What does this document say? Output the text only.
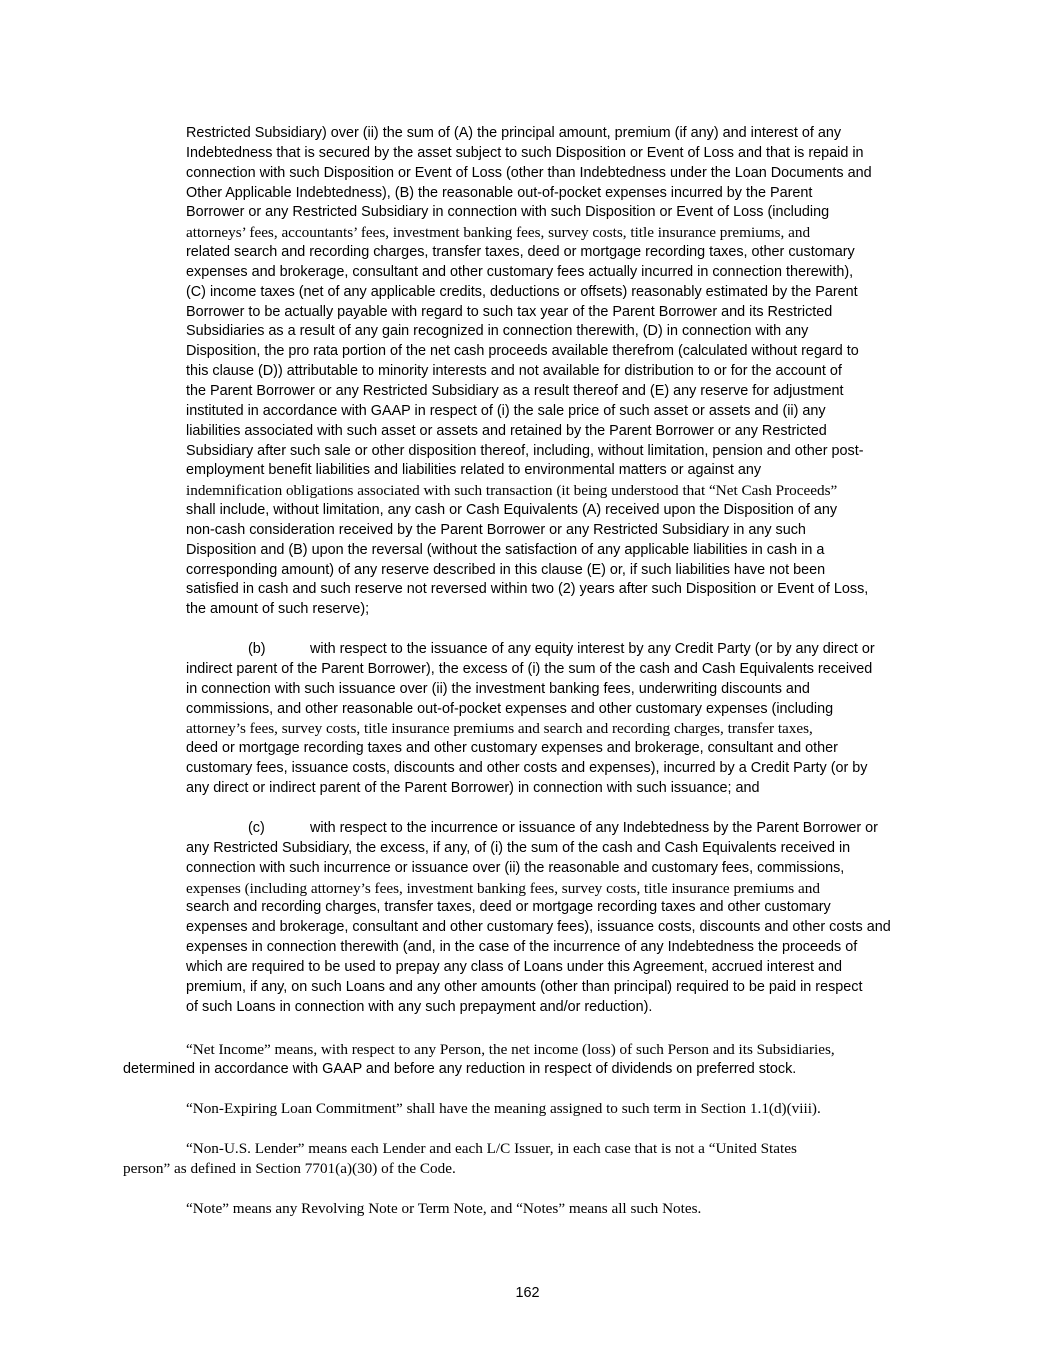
Restricted Subsidiary) over (ii) the sum of (A) the principal amount, premium (if any) and interest of any
Indebtedness that is secured by the asset subject to such Disposition or Event of Loss and that is repaid in
connection with such Disposition or Event of Loss (other than Indebtedness under the Loan Documents and
Other Applicable Indebtedness), (B) the reasonable out-of-pocket expenses incurred by the Parent
Borrower or any Restricted Subsidiary in connection with such Disposition or Event of Loss (including
attorneys’ fees, accountants’ fees, investment banking fees, survey costs, title insurance premiums, and
related search and recording charges, transfer taxes, deed or mortgage recording taxes, other customary
expenses and brokerage, consultant and other customary fees actually incurred in connection therewith),
(C) income taxes (net of any applicable credits, deductions or offsets) reasonably estimated by the Parent
Borrower to be actually payable with regard to such tax year of the Parent Borrower and its Restricted
Subsidiaries as a result of any gain recognized in connection therewith, (D) in connection with any
Disposition, the pro rata portion of the net cash proceeds available therefrom (calculated without regard to
this clause (D)) attributable to minority interests and not available for distribution to or for the account of
the Parent Borrower or any Restricted Subsidiary as a result thereof and (E) any reserve for adjustment
instituted in accordance with GAAP in respect of (i) the sale price of such asset or assets and (ii) any
liabilities associated with such asset or assets and retained by the Parent Borrower or any Restricted
Subsidiary after such sale or other disposition thereof, including, without limitation, pension and other post-
employment benefit liabilities and liabilities related to environmental matters or against any
indemnification obligations associated with such transaction (it being understood that “Net Cash Proceeds”
shall include, without limitation, any cash or Cash Equivalents (A) received upon the Disposition of any
non-cash consideration received by the Parent Borrower or any Restricted Subsidiary in any such
Disposition and (B) upon the reversal (without the satisfaction of any applicable liabilities in cash in a
corresponding amount) of any reserve described in this clause (E) or, if such liabilities have not been
satisfied in cash and such reserve not reversed within two (2) years after such Disposition or Event of Loss,
the amount of such reserve);
(b)	with respect to the issuance of any equity interest by any Credit Party (or by any direct or
indirect parent of the Parent Borrower), the excess of (i) the sum of the cash and Cash Equivalents received
in connection with such issuance over (ii) the investment banking fees, underwriting discounts and
commissions, and other reasonable out-of-pocket expenses and other customary expenses (including
attorney’s fees, survey costs, title insurance premiums and search and recording charges, transfer taxes,
deed or mortgage recording taxes and other customary expenses and brokerage, consultant and other
customary fees, issuance costs, discounts and other costs and expenses), incurred by a Credit Party (or by
any direct or indirect parent of the Parent Borrower) in connection with such issuance; and
(c)	with respect to the incurrence or issuance of any Indebtedness by the Parent Borrower or
any Restricted Subsidiary, the excess, if any, of (i) the sum of the cash and Cash Equivalents received in
connection with such incurrence or issuance over (ii) the reasonable and customary fees, commissions,
expenses (including attorney’s fees, investment banking fees, survey costs, title insurance premiums and
search and recording charges, transfer taxes, deed or mortgage recording taxes and other customary
expenses and brokerage, consultant and other customary fees), issuance costs, discounts and other costs and
expenses in connection therewith (and, in the case of the incurrence of any Indebtedness the proceeds of
which are required to be used to prepay any class of Loans under this Agreement, accrued interest and
premium, if any, on such Loans and any other amounts (other than principal) required to be paid in respect
of such Loans in connection with any such prepayment and/or reduction).
“Net Income” means, with respect to any Person, the net income (loss) of such Person and its Subsidiaries,
determined in accordance with GAAP and before any reduction in respect of dividends on preferred stock.
“Non-Expiring Loan Commitment” shall have the meaning assigned to such term in Section 1.1(d)(viii).
“Non-U.S. Lender” means each Lender and each L/C Issuer, in each case that is not a “United States
person” as defined in Section 7701(a)(30) of the Code.
“Note” means any Revolving Note or Term Note, and “Notes” means all such Notes.
162
